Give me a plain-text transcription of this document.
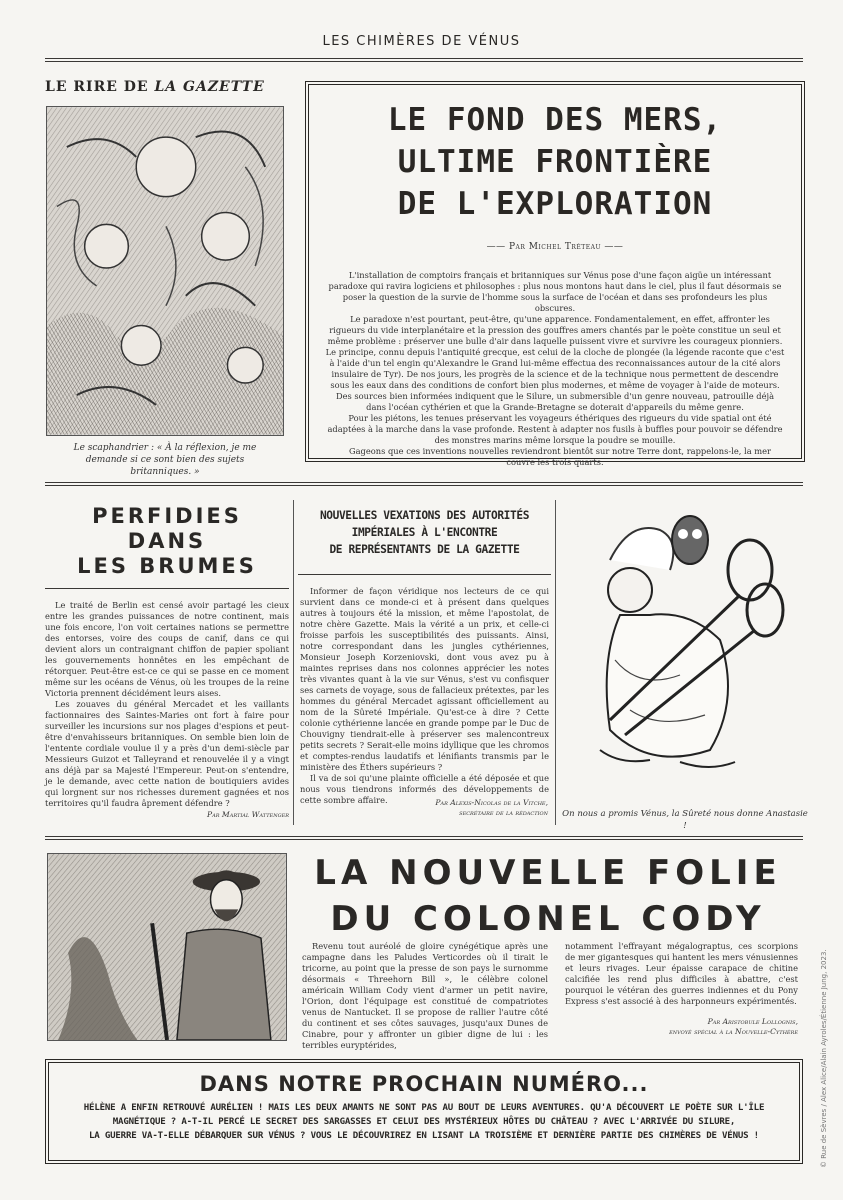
LES CHIMÈRES DE VÉNUS
LE RIRE DE LA GAZETTE
Le scaphandrier : « À la réflexion, je me demande si ce sont bien des sujets britanniques. »
LE FOND DES MERS,
ULTIME FRONTIÈRE
DE L'EXPLORATION
—— Par Michel Tréteau ——

L'installation de comptoirs français et britanniques sur Vénus pose d'une façon aigüe un intéressant paradoxe qui ravira logiciens et philosophes : plus nous montons haut dans le ciel, plus il faut désormais se poser la question de la survie de l'homme sous la surface de l'océan et dans ses profondeurs les plus obscures.

Le paradoxe n'est pourtant, peut-être, qu'une apparence. Fondamentalement, en effet, affronter les rigueurs du vide interplanétaire et la pression des gouffres amers chantés par le poète constitue un seul et même problème : préserver une bulle d'air dans laquelle puissent vivre et survivre les courageux pionniers. Le principe, connu depuis l'antiquité grecque, est celui de la cloche de plongée (la légende raconte que c'est à l'aide d'un tel engin qu'Alexandre le Grand lui-même effectua des reconnaissances autour de la cité alors insulaire de Tyr). De nos jours, les progrès de la science et de la technique nous permettent de descendre sous les eaux dans des conditions de confort bien plus modernes, et même de voyager à l'aide de moteurs. Des sources bien informées indiquent que le Silure, un submersible d'un genre nouveau, patrouille déjà dans l'océan cythérien et que la Grande-Bretagne se doterait d'appareils du même genre.

Pour les piétons, les tenues préservant les voyageurs éthériques des rigueurs du vide spatial ont été adaptées à la marche dans la vase profonde. Restent à adapter nos fusils à buffles pour pouvoir se défendre des monstres marins même lorsque la poudre se mouille.

Gageons que ces inventions nouvelles reviendront bientôt sur notre Terre dont, rappelons-le, la mer couvre les trois quarts.

PERFIDIES
DANS
LES BRUMES

Le traité de Berlin est censé avoir partagé les cieux entre les grandes puissances de notre continent, mais une fois encore, l'on voit certaines nations se permettre des entorses, voire des coups de canif, dans ce qui devient alors un contraignant chiffon de papier spoliant les gouvernements honnêtes en les empêchant de rétorquer. Peut-être est-ce ce qui se passe en ce moment même sur les océans de Vénus, où les troupes de la reine Victoria prennent décidément leurs aises.

Les zouaves du général Mercadet et les vaillants factionnaires des Saintes-Maries ont fort à faire pour surveiller les incursions sur nos plages d'espions et peut-être d'envahisseurs britanniques. On semble bien loin de l'entente cordiale voulue il y a près d'un demi-siècle par Messieurs Guizot et Talleyrand et renouvelée il y a vingt ans déjà par sa Majesté l'Empereur. Peut-on s'entendre, je le demande, avec cette nation de boutiquiers avides qui lorgnent sur nos richesses durement gagnées et nos territoires qu'il faudra âprement défendre ?

Par Martial Wattenger
NOUVELLES VEXATIONS DES AUTORITÉS
IMPÉRIALES À L'ENCONTRE
DE REPRÉSENTANTS DE LA GAZETTE

Informer de façon véridique nos lecteurs de ce qui survient dans ce monde-ci et à présent dans quelques autres à toujours été la mission, et même l'apostolat, de notre chère Gazette. Mais la vérité a un prix, et celle-ci froisse parfois les susceptibilités des puissants. Ainsi, notre correspondant dans les jungles cythériennes, Monsieur Joseph Korzeniovski, dont vous avez pu à maintes reprises dans nos colonnes apprécier les notes très vivantes quant à la vie sur Vénus, s'est vu confisquer ses carnets de voyage, sous de fallacieux prétextes, par les hommes du général Mercadet agissant officiellement au nom de la Sûreté Impériale. Qu'est-ce à dire ? Cette colonie cythérienne lancée en grande pompe par le Duc de Chouvigny tiendrait-elle à préserver ses malencontreux petits secrets ? Serait-elle moins idyllique que les chromos et comptes-rendus laudatifs et lénifiants transmis par le ministère des Éthers supérieurs ?

Il va de soi qu'une plainte officielle a été déposée et que nous vous tiendrons informés des développements de cette sombre affaire.	Par Alexis-Nicolas de la Vitche,
secrétaire de la rédaction On nous a promis Vénus, la Sûreté nous donne Anastasie !
LA NOUVELLE FOLIE
DU COLONEL CODY
Revenu tout auréolé de gloire cynégétique après une campagne dans les Paludes Verticordes où il tirait le tricorne, au point que la presse de son pays le surnomme désormais « Threehorn Bill », le célèbre colonel américain William Cody vient d'armer un petit navire, l'Orion, dont l'équipage est constitué de compatriotes venus de Nantucket. Il se propose de rallier l'autre côté du continent et ses côtes sauvages, jusqu'aux Dunes de Cinabre, pour y affronter un gibier digne de lui : les terribles euryptérides,
notamment l'effrayant mégalograptus, ces scorpions de mer gigantesques qui hantent les mers vénusiennes et leurs rivages. Leur épaisse carapace de chitine calcifiée les rend plus difficiles à abattre, c'est pourquoi le vétéran des guerres indiennes et du Pony Express s'est associé à des harponneurs expérimentés.
Par Aristobule Lollognis,
envoyé spécial à la Nouvelle-Cythère
DANS NOTRE PROCHAIN NUMÉRO...
HÉLÈNE A ENFIN RETROUVÉ AURÉLIEN ! MAIS LES DEUX AMANTS NE SONT PAS AU BOUT DE LEURS AVENTURES. QU'A DÉCOUVERT LE POÈTE SUR L'ÎLE
MAGNÉTIQUE ? A-T-IL PERCÉ LE SECRET DES SARGASSES ET CELUI DES MYSTÉRIEUX HÔTES DU CHÂTEAU ? AVEC L'ARRIVÉE DU SILURE,
LA GUERRE VA-T-ELLE DÉBARQUER SUR VÉNUS ? VOUS LE DÉCOUVRIREZ EN LISANT LA TROISIÈME ET DERNIÈRE PARTIE DES CHIMÈRES DE VÉNUS !	© Rue de Sèvres / Alex Alice/Alain Ayroles/Étienne Jung, 2023.
